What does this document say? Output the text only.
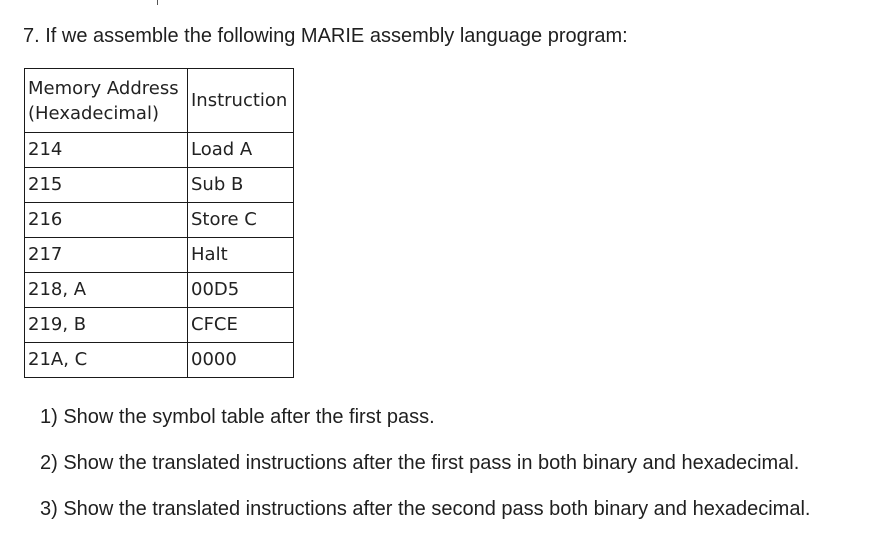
7. If we assemble the following MARIE assembly language program:
Memory Address
(Hexadecimal)	Instruction
214	Load A
215	Sub B
216	Store C
217	Halt
218, A	00D5
219, B	CFCE
21A, C	0000
1) Show the symbol table after the first pass.
2) Show the translated instructions after the first pass in both binary and hexadecimal.
3) Show the translated instructions after the second pass both binary and hexadecimal.
